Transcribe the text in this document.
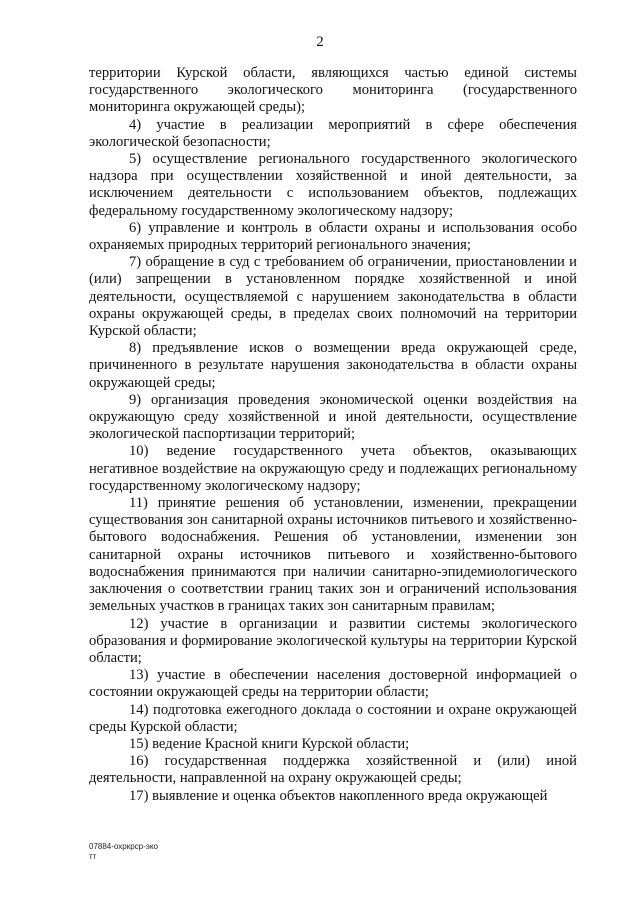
2

территории Курской области, являющихся частью единой системы государственного экологического мониторинга (государственного мониторинга окружающей среды);

4) участие в реализации мероприятий в сфере обеспечения экологической безопасности;

5) осуществление регионального государственного экологического надзора при осуществлении хозяйственной и иной деятельности, за исключением деятельности с использованием объектов, подлежащих федеральному государственному экологическому надзору;

6) управление и контроль в области охраны и использования особо охраняемых природных территорий регионального значения;

7) обращение в суд с требованием об ограничении, приостановлении и (или) запрещении в установленном порядке хозяйственной и иной деятельности, осуществляемой с нарушением законодательства в области охраны окружающей среды, в пределах своих полномочий на территории Курской области;

8) предъявление исков о возмещении вреда окружающей среде, причиненного в результате нарушения законодательства в области охраны окружающей среды;

9) организация проведения экономической оценки воздействия на окружающую среду хозяйственной и иной деятельности, осуществление экологической паспортизации территорий;

10) ведение государственного учета объектов, оказывающих негативное воздействие на окружающую среду и подлежащих региональному государственному экологическому надзору;

11) принятие решения об установлении, изменении, прекращении существования зон санитарной охраны источников питьевого и хозяйственно-бытового водоснабжения. Решения об установлении, изменении зон санитарной охраны источников питьевого и хозяйственно-бытового водоснабжения принимаются при наличии санитарно-эпидемиологического заключения о соответствии границ таких зон и ограничений использования земельных участков в границах таких зон санитарным правилам;

12) участие в организации и развитии системы экологического образования и формирование экологической культуры на территории Курской области;

13) участие в обеспечении населения достоверной информацией о состоянии окружающей среды на территории области;

14) подготовка ежегодного доклада о состоянии и охране окружающей среды Курской области;

15) ведение Красной книги Курской области;

16) государственная поддержка хозяйственной и (или) иной деятельности, направленной на охрану окружающей среды;

17) выявление и оценка объектов накопленного вреда окружающей

07884-охркрср-эко
тт
